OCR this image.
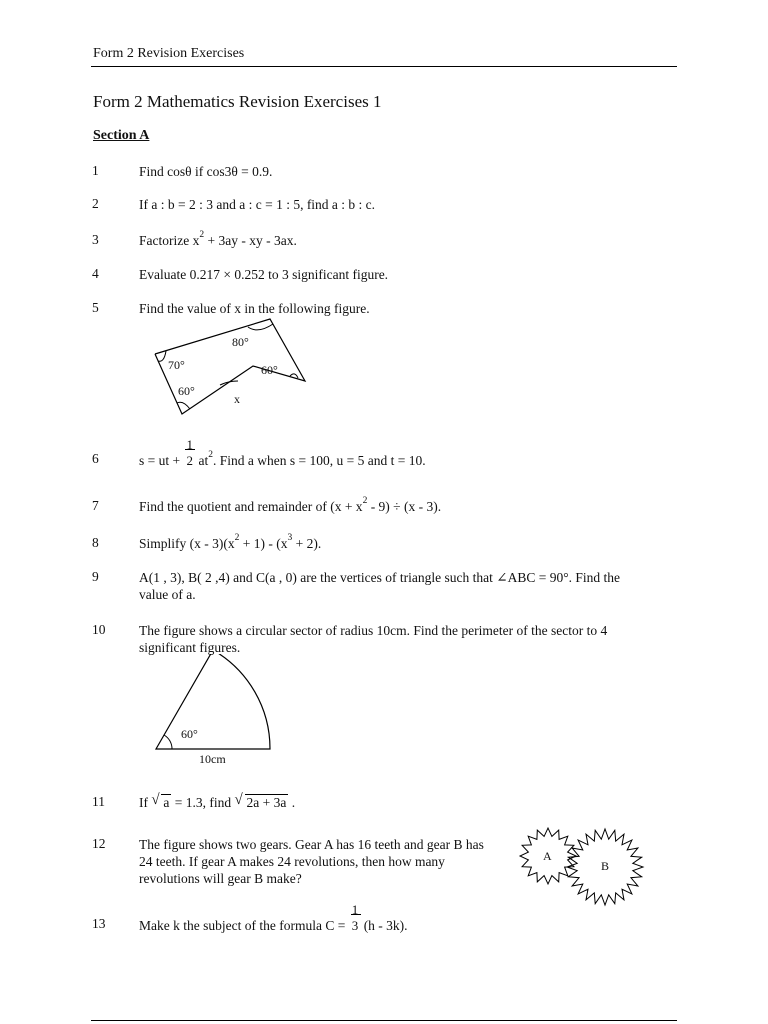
Form 2 Revision Exercises
Form 2 Mathematics Revision Exercises 1
Section A
1	Find cosθ if cos3θ = 0.9.
2	If a : b = 2 : 3 and a : c = 1 : 5, find a : b : c.
3	Factorize $x^2 + 3ay$ - xy - 3ax.
4	Evaluate 0.217 × 0.252 to 3 significant figure.
5	Find the value of x in the following figure.
80°
70°
60°
60°
x
6	s = ut + $\frac{1}{2} at^2$. Find a when s = 100, u = 5 and t = 10.
7	Find the quotient and remainder of $(x + x^2 - 9) \div (x - 3)$.
8	Simplify $(x - 3)(x^2 + 1) - (x^3 + 2)$.
9	A(1 , 3), B( 2 ,4) and C(a , 0) are the vertices of triangle such that ∠ABC = 90°. Find the value of a.
10 The figure shows a circular sector of radius 10cm. Find the perimeter of the sector to 4 significant figures.
60°
10cm
11	If √ a = 1.3, find √ 2a + 3a .
12 The figure shows two gears. Gear A has 16 teeth and gear B has 24 teeth. If gear A makes 24 revolutions, then how many revolutions will gear B make?
A
B
13 Make k the subject of the formula $C = \frac{1}{3} (h - 3k)$.
